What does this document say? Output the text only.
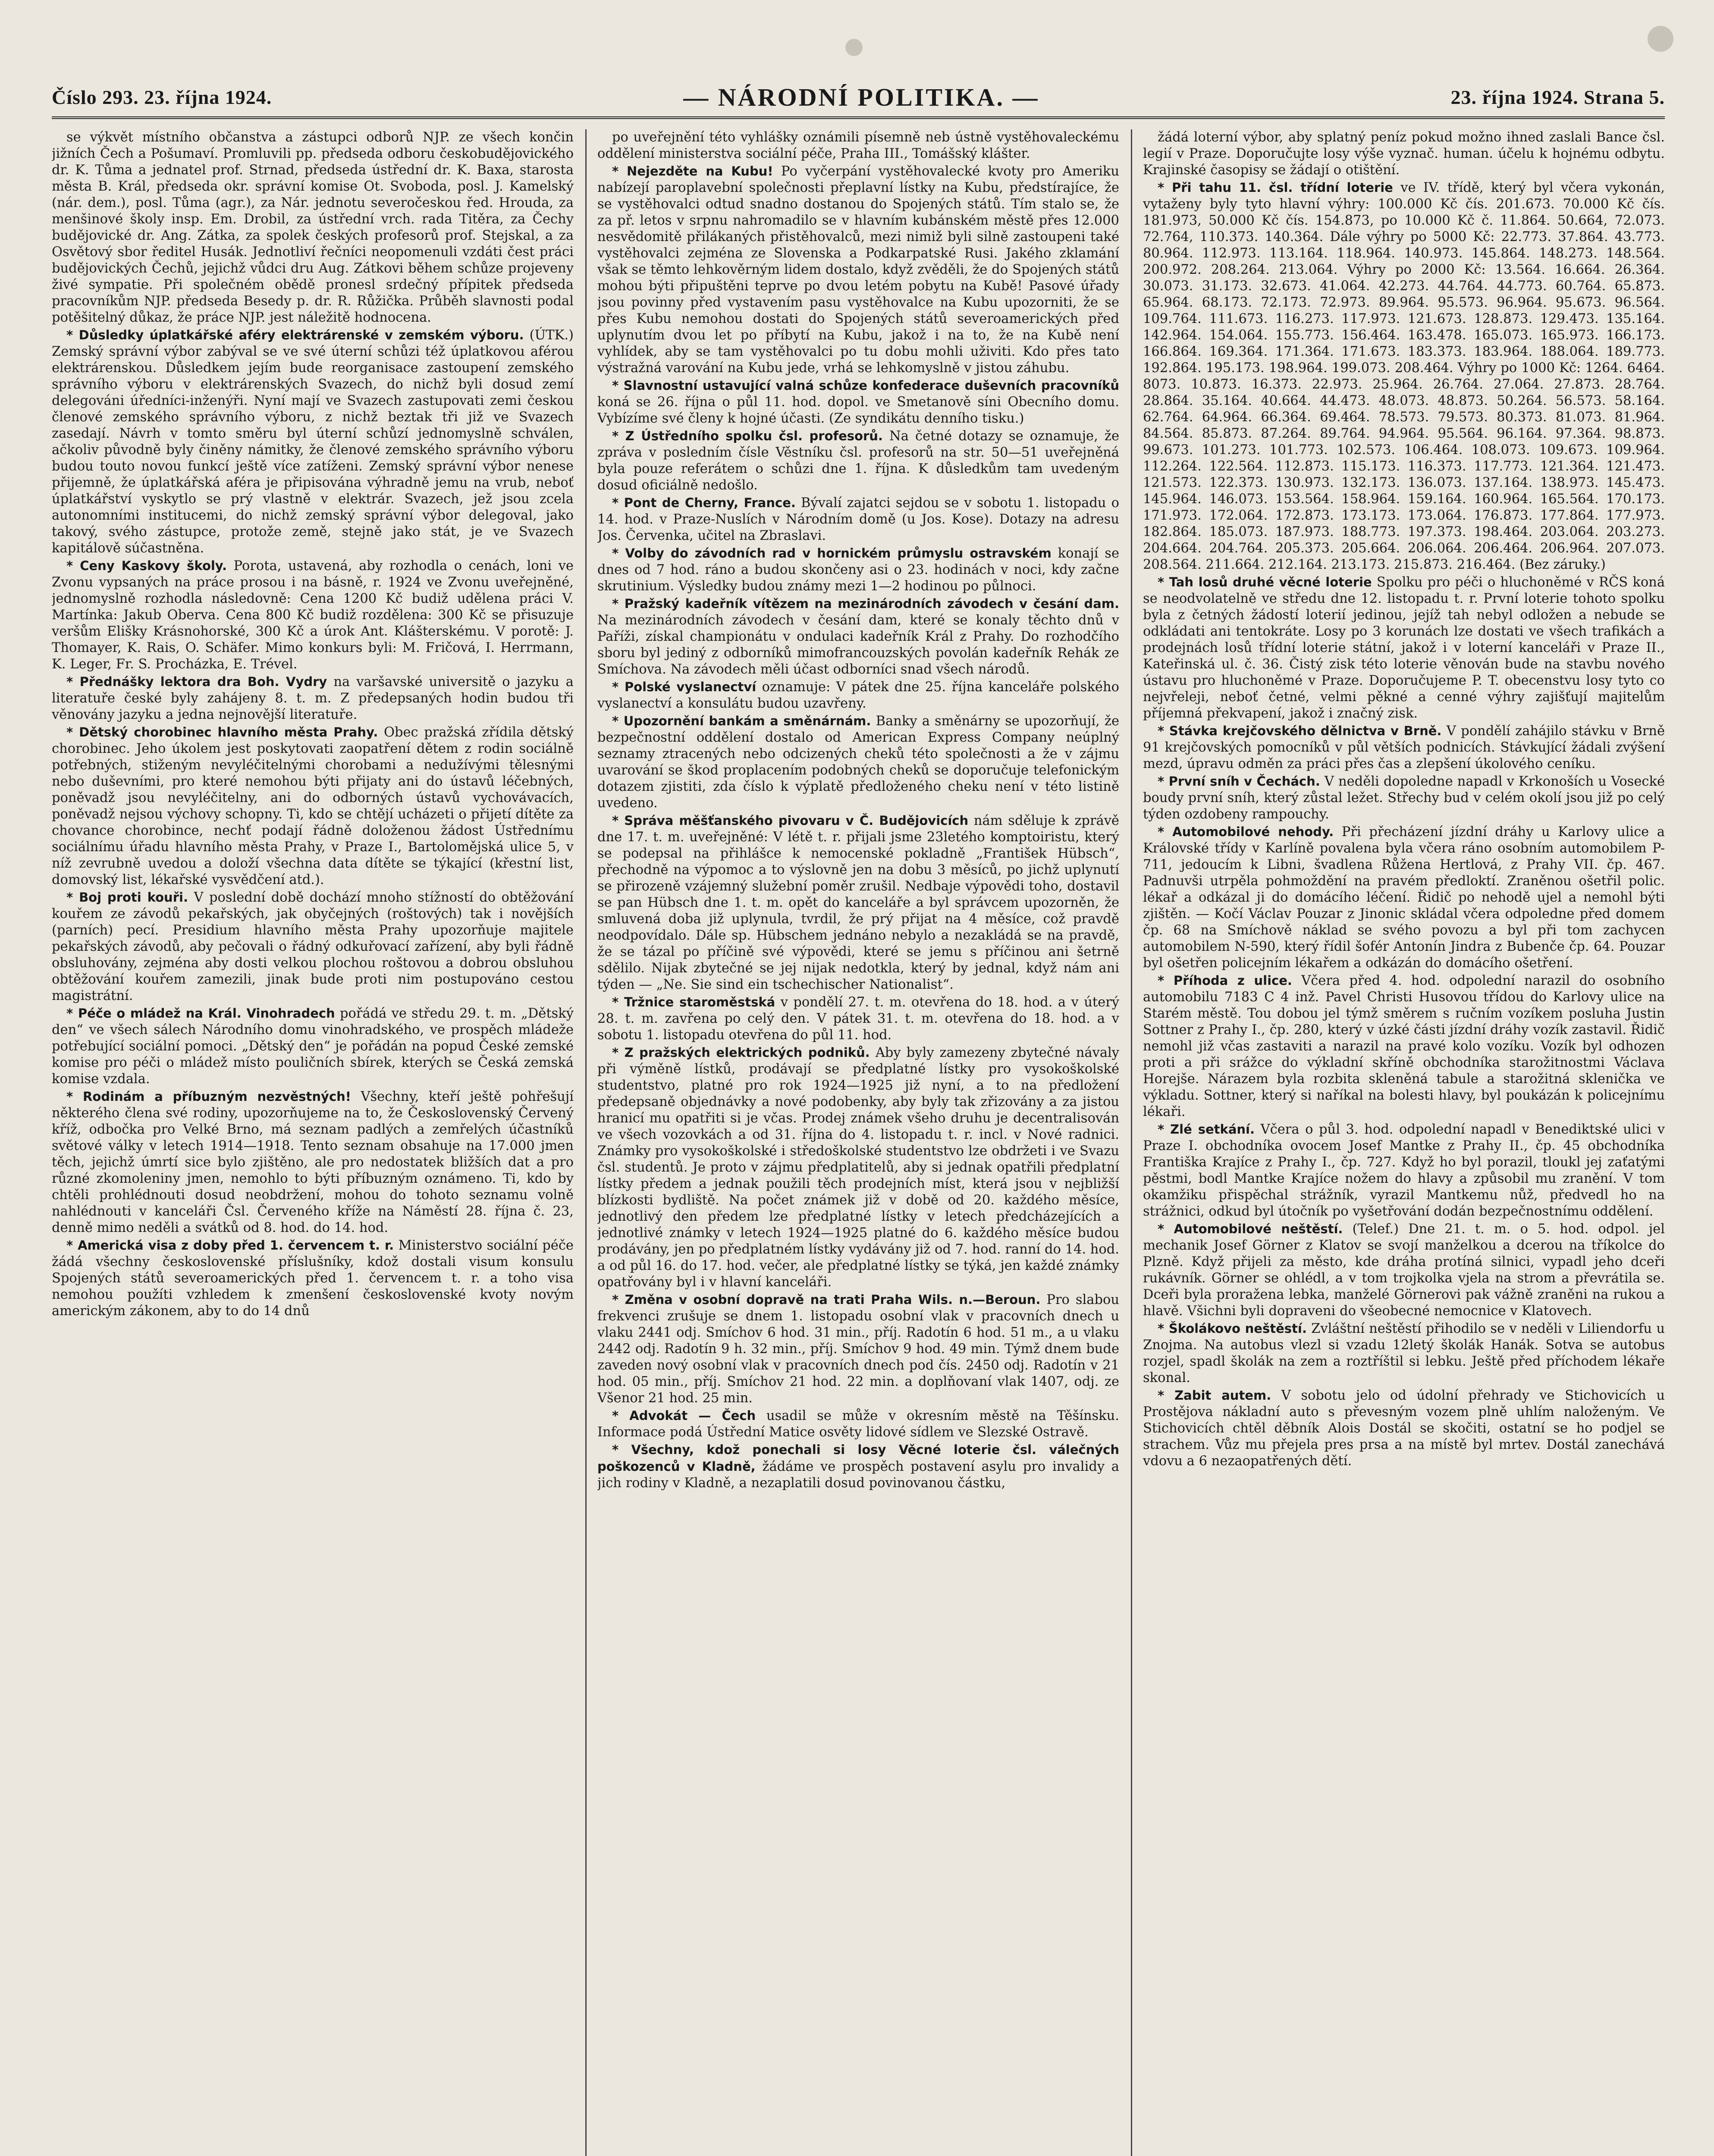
Číslo 293. 23. října 1924.	— NÁRODNÍ POLITIKA. —	23. října 1924. Strana 5.

se výkvět místního občanstva a zástupci odborů NJP. ze všech končin jižních Čech a Pošumaví. Promluvili pp. předseda odboru českobudějovického dr. K. Tůma a jednatel prof. Strnad, předseda ústřední dr. K. Baxa, starosta města B. Král, předseda okr. správní komise Ot. Svoboda, posl. J. Kamelský (nár. dem.), posl. Tůma (agr.), za Nár. jednotu severočeskou řed. Hrouda, za menšinové školy insp. Em. Drobil, za ústřední vrch. rada Titěra, za Čechy budějovické dr. Ang. Zátka, za spolek českých profesorů prof. Stejskal, a za Osvětový sbor ředitel Husák. Jednotliví řečníci neopomenuli vzdáti čest práci budějovických Čechů, jejichž vůdci dru Aug. Zátkovi během schůze projeveny živé sympatie. Při společném obědě pronesl srdečný přípitek předseda pracovníkům NJP. předseda Besedy p. dr. R. Růžička. Průběh slavnosti podal potěšitelný důkaz, že práce NJP. jest náležitě hodnocena.

* Důsledky úplatkářské aféry elektrárenské v zemském výboru. (ÚTK.) Zemský správní výbor zabýval se ve své úterní schůzi též úplatkovou aférou elektrárenskou. Důsledkem jejím bude reorganisace zastoupení zemského správního výboru v elektrárenských Svazech, do nichž byli dosud zemí delegováni úředníci-inženýři. Nyní mají ve Svazech zastupovati zemi českou členové zemského správního výboru, z nichž beztak tři již ve Svazech zasedají. Návrh v tomto směru byl úterní schůzí jednomyslně schválen, ačkoliv původně byly činěny námitky, že členové zemského správního výboru budou touto novou funkcí ještě více zatíženi. Zemský správní výbor nenese přijemně, že úplatkářská aféra je připisována výhradně jemu na vrub, neboť úplatkářství vyskytlo se prý vlastně v elektrár. Svazech, jež jsou zcela autonomními institucemi, do nichž zemský správní výbor delegoval, jako takový, svého zástupce, protože země, stejně jako stát, je ve Svazech kapitálově súčastněna.

* Ceny Kaskovy školy. Porota, ustavená, aby rozhodla o cenách, loni ve Zvonu vypsaných na práce prosou i na básně, r. 1924 ve Zvonu uveřejněné, jednomyslně rozhodla následovně: Cena 1200 Kč budiž udělena práci V. Martínka: Jakub Oberva. Cena 800 Kč budiž rozdělena: 300 Kč se přisuzuje veršům Elišky Krásnohorské, 300 Kč a úrok Ant. Klášterskému. V porotě: J. Thomayer, K. Rais, O. Schäfer. Mimo konkurs byli: M. Fričová, I. Herrmann, K. Leger, Fr. S. Procházka, E. Trével.

* Přednášky lektora dra Boh. Vydry na varšavské universitě o jazyku a literatuře české byly zahájeny 8. t. m. Z předepsaných hodin budou tři věnovány jazyku a jedna nejnovější literatuře.

* Dětský chorobinec hlavního města Prahy. Obec pražská zřídila dětský chorobinec. Jeho úkolem jest poskytovati zaopatření dětem z rodin sociálně potřebných, stiženým nevyléčitelnými chorobami a nedužívými tělesnými nebo duševními, pro které nemohou býti přijaty ani do ústavů léčebných, poněvadž jsou nevyléčitelny, ani do odborných ústavů vychovávacích, poněvadž nejsou výchovy schopny. Ti, kdo se chtějí ucházeti o přijetí dítěte za chovance chorobince, nechť podají řádně doloženou žádost Ústřednímu sociálnímu úřadu hlavního města Prahy, v Praze I., Bartolomějská ulice 5, v níž zevrubně uvedou a doloží všechna data dítěte se týkající (křestní list, domovský list, lékařské vysvědčení atd.).

* Boj proti kouři. V poslední době dochází mnoho stížností do obtěžování kouřem ze závodů pekařských, jak obyčejných (roštových) tak i novějších (parních) pecí. Presidium hlavního města Prahy upozorňuje majitele pekařských závodů, aby pečovali o řádný odkuřovací zařízení, aby byli řádně obsluhovány, zejména aby dosti velkou plochou roštovou a dobrou obsluhou obtěžování kouřem zamezili, jinak bude proti nim postupováno cestou magistrátní.

* Péče o mládež na Král. Vinohradech pořádá ve středu 29. t. m. „Dětský den“ ve všech sálech Národního domu vinohradského, ve prospěch mládeže potřebující sociální pomoci. „Dětský den“ je pořádán na popud České zemské komise pro péči o mládež místo pouličních sbírek, kterých se Česká zemská komise vzdala.

* Rodinám a příbuzným nezvěstných! Všechny, kteří ještě pohřešují některého člena své rodiny, upozorňujeme na to, že Československý Červený kříž, odbočka pro Velké Brno, má seznam padlých a zemřelých účastníků světové války v letech 1914—1918. Tento seznam obsahuje na 17.000 jmen těch, jejichž úmrtí sice bylo zjištěno, ale pro nedostatek bližších dat a pro různé zkomoleniny jmen, nemohlo to býti příbuzným oznámeno. Ti, kdo by chtěli prohlédnouti dosud neobdržení, mohou do tohoto seznamu volně nahlédnouti v kanceláři Čsl. Červeného kříže na Náměstí 28. října č. 23, denně mimo neděli a svátků od 8. hod. do 14. hod.

* Americká visa z doby před 1. červencem t. r. Ministerstvo sociální péče žádá všechny československé příslušníky, kdož dostali visum konsulu Spojených států severoamerických před 1. červencem t. r. a toho visa nemohou použíti vzhledem k zmenšení československé kvoty novým americkým zákonem, aby to do 14 dnů

po uveřejnění této vyhlášky oznámili písemně neb ústně vystěhovaleckému oddělení ministerstva sociální péče, Praha III., Tomášský klášter.

* Nejezděte na Kubu! Po vyčerpání vystěhovalecké kvoty pro Ameriku nabízejí paroplavební společnosti přeplavní lístky na Kubu, předstírajíce, že se vystěhovalci odtud snadno dostanou do Spojených států. Tím stalo se, že za př. letos v srpnu nahromadilo se v hlavním kubánském městě přes 12.000 nesvědomitě přilákaných přistěhovalců, mezi nimiž byli silně zastoupeni také vystěhovalci zejména ze Slovenska a Podkarpatské Rusi. Jakého zklamání však se těmto lehkověrným lidem dostalo, když zvěděli, že do Spojených států mohou býti připuštěni teprve po dvou letém pobytu na Kubě! Pasové úřady jsou povinny před vystavením pasu vystěhovalce na Kubu upozorniti, že se přes Kubu nemohou dostati do Spojených států severoamerických před uplynutím dvou let po příbytí na Kubu, jakož i na to, že na Kubě není vyhlídek, aby se tam vystěhovalci po tu dobu mohli uživiti. Kdo přes tato výstražná varování na Kubu jede, vrhá se lehkomyslně v jistou záhubu.

* Slavnostní ustavující valná schůze konfederace duševních pracovníků koná se 26. října o půl 11. hod. dopol. ve Smetanově síni Obecního domu. Vybízíme své členy k hojné účasti. (Ze syndikátu denního tisku.)

* Z Ústředního spolku čsl. profesorů. Na četné dotazy se oznamuje, že zpráva v posledním čísle Věstníku čsl. profesorů na str. 50—51 uveřejněná byla pouze referátem o schůzi dne 1. října. K důsledkům tam uvedeným dosud oficiálně nedošlo.

* Pont de Cherny, France. Bývalí zajatci sejdou se v sobotu 1. listopadu o 14. hod. v Praze-Nuslích v Národním domě (u Jos. Kose). Dotazy na adresu Jos. Červenka, učitel na Zbraslavi.

* Volby do závodních rad v hornickém průmyslu ostravském konají se dnes od 7 hod. ráno a budou skončeny asi o 23. hodinách v noci, kdy začne skrutinium. Výsledky budou známy mezi 1—2 hodinou po půlnoci.

* Pražský kadeřník vítězem na mezinárodních závodech v česání dam. Na mezinárodních závodech v česání dam, které se konaly těchto dnů v Paříži, získal championátu v ondulaci kadeřník Král z Prahy. Do rozhodčího sboru byl jediný z odborníků mimofrancouzských povolán kadeřník Rehák ze Smíchova. Na závodech měli účast odborníci snad všech národů.

* Polské vyslanectví oznamuje: V pátek dne 25. října kanceláře polského vyslanectví a konsulátu budou uzavřeny.

* Upozornění bankám a směnárnám. Banky a směnárny se upozorňují, že bezpečnostní oddělení dostalo od American Express Company neúplný seznamy ztracených nebo odcizených cheků této společnosti a že v zájmu uvarování se škod proplacením podobných cheků se doporučuje telefonickým dotazem zjistiti, zda číslo k výplatě předloženého cheku není v této listině uvedeno.

* Správa měšťanského pivovaru v Č. Budějovicích nám sděluje k zprávě dne 17. t. m. uveřejněné: V létě t. r. přijali jsme 23letého komptoiristu, který se podepsal na přihlášce k nemocenské pokladně „František Hübsch“, přechodně na výpomoc a to výslovně jen na dobu 3 měsíců, po jichž uplynutí se přirozeně vzájemný služební poměr zrušil. Nedbaje výpovědi toho, dostavil se pan Hübsch dne 1. t. m. opět do kanceláře a byl správcem upozorněn, že smluvená doba již uplynula, tvrdil, že prý přijat na 4 měsíce, což pravdě neodpovídalo. Dále sp. Hübschem jednáno nebylo a nezakládá se na pravdě, že se tázal po příčině své výpovědi, které se jemu s příčinou ani šetrně sdělilo. Nijak zbytečné se jej nijak nedotkla, který by jednal, když nám ani týden — „Ne. Sie sind ein tschechischer Nationalist“.

* Tržnice staroměstská v pondělí 27. t. m. otevřena do 18. hod. a v úterý 28. t. m. zavřena po celý den. V pátek 31. t. m. otevřena do 18. hod. a v sobotu 1. listopadu otevřena do půl 11. hod.

* Z pražských elektrických podniků. Aby byly zamezeny zbytečné návaly při výměně lístků, prodávají se předplatné lístky pro vysokoškolské studentstvo, platné pro rok 1924—1925 již nyní, a to na předložení předepsaně objednávky a nové podobenky, aby byly tak zřizovány a za jistou hranicí mu opatřiti si je včas. Prodej známek všeho druhu je decentralisován ve všech vozovkách a od 31. října do 4. listopadu t. r. incl. v Nové radnici. Známky pro vysokoškolské i středoškolské studentstvo lze obdržeti i ve Svazu čsl. studentů. Je proto v zájmu předplatitelů, aby si jednak opatřili předplatní lístky předem a jednak použili těch prodejních míst, která jsou v nejbližší blízkosti bydliště. Na počet známek již v době od 20. každého měsíce, jednotlivý den předem lze předplatné lístky v letech předcházejících a jednotlivé známky v letech 1924—1925 platné do 6. každého měsíce budou prodávány, jen po předplatném lístky vydávány již od 7. hod. ranní do 14. hod. a od půl 16. do 17. hod. večer, ale předplatné lístky se týká, jen každé známky opatřovány byl i v hlavní kanceláři.

* Změna v osobní dopravě na trati Praha Wils. n.—Beroun. Pro slabou frekvenci zrušuje se dnem 1. listopadu osobní vlak v pracovních dnech u vlaku 2441 odj. Smíchov 6 hod. 31 min., příj. Radotín 6 hod. 51 m., a u vlaku 2442 odj. Radotín 9 h. 32 min., příj. Smíchov 9 hod. 49 min. Týmž dnem bude zaveden nový osobní vlak v pracovních dnech pod čís. 2450 odj. Radotín v 21 hod. 05 min., příj. Smíchov 21 hod. 22 min. a doplňovaní vlak 1407, odj. ze Všenor 21 hod. 25 min.

* Advokát — Čech usadil se může v okresním městě na Těšínsku. Informace podá Ústřední Matice osvěty lidové sídlem ve Slezské Ostravě.

* Všechny, kdož ponechali si losy Věcné loterie čsl. válečných poškozenců v Kladně, žádáme ve prospěch postavení asylu pro invalidy a jich rodiny v Kladně, a nezaplatili dosud povinovanou částku,

žádá loterní výbor, aby splatný peníz pokud možno ihned zaslali Bance čsl. legií v Praze. Doporučujte losy výše vyznač. human. účelu k hojnému odbytu. Krajinské časopisy se žádají o otištění.

* Při tahu 11. čsl. třídní loterie ve IV. třídě, který byl včera vykonán, vytaženy byly tyto hlavní výhry: 100.000 Kč čís. 201.673. 70.000 Kč čís. 181.973, 50.000 Kč čís. 154.873, po 10.000 Kč č. 11.864. 50.664, 72.073. 72.764, 110.373. 140.364. Dále výhry po 5000 Kč: 22.773. 37.864. 43.773. 80.964. 112.973. 113.164. 118.964. 140.973. 145.864. 148.273. 148.564. 200.972. 208.264. 213.064. Výhry po 2000 Kč: 13.564. 16.664. 26.364. 30.073. 31.173. 32.673. 41.064. 42.273. 44.764. 44.773. 60.764. 65.873. 65.964. 68.173. 72.173. 72.973. 89.964. 95.573. 96.964. 95.673. 96.564. 109.764. 111.673. 116.273. 117.973. 121.673. 128.873. 129.473. 135.164. 142.964. 154.064. 155.773. 156.464. 163.478. 165.073. 165.973. 166.173. 166.864. 169.364. 171.364. 171.673. 183.373. 183.964. 188.064. 189.773. 192.864. 195.173. 198.964. 199.073. 208.464. Výhry po 1000 Kč: 1264. 6464. 8073. 10.873. 16.373. 22.973. 25.964. 26.764. 27.064. 27.873. 28.764. 28.864. 35.164. 40.664. 44.473. 48.073. 48.873. 50.264. 56.573. 58.164. 62.764. 64.964. 66.364. 69.464. 78.573. 79.573. 80.373. 81.073. 81.964. 84.564. 85.873. 87.264. 89.764. 94.964. 95.564. 96.164. 97.364. 98.873. 99.673. 101.273. 101.773. 102.573. 106.464. 108.073. 109.673. 109.964. 112.264. 122.564. 112.873. 115.173. 116.373. 117.773. 121.364. 121.473. 121.573. 122.373. 130.973. 132.173. 136.073. 137.164. 138.973. 145.473. 145.964. 146.073. 153.564. 158.964. 159.164. 160.964. 165.564. 170.173. 171.973. 172.064. 172.873. 173.173. 173.064. 176.873. 177.864. 177.973. 182.864. 185.073. 187.973. 188.773. 197.373. 198.464. 203.064. 203.273. 204.664. 204.764. 205.373. 205.664. 206.064. 206.464. 206.964. 207.073. 208.564. 211.664. 212.164. 213.173. 215.873. 216.464. (Bez záruky.)

* Tah losů druhé věcné loterie Spolku pro péči o hluchoněmé v RČS koná se neodvolatelně ve středu dne 12. listopadu t. r. První loterie tohoto spolku byla z četných žádostí loterií jedinou, jejíž tah nebyl odložen a nebude se odkládati ani tentokráte. Losy po 3 korunách lze dostati ve všech trafikách a prodejnách losů třídní loterie státní, jakož i v loterní kanceláři v Praze II., Kateřinská ul. č. 36. Čistý zisk této loterie věnován bude na stavbu nového ústavu pro hluchoněmé v Praze. Doporučujeme P. T. obecenstvu losy tyto co nejvřeleji, neboť četné, velmi pěkné a cenné výhry zajišťují majitelům příjemná překvapení, jakož i značný zisk.

* Stávka krejčovského dělnictva v Brně. V pondělí zahájilo stávku v Brně 91 krejčovských pomocníků v půl větších podnicích. Stávkující žádali zvýšení mezd, úpravu odměn za práci přes čas a zlepšení úkolového ceníku.

* První sníh v Čechách. V neděli dopoledne napadl v Krkonoších u Vosecké boudy první sníh, který zůstal ležet. Střechy bud v celém okolí jsou již po celý týden ozdobeny rampouchy.

* Automobilové nehody. Při přecházení jízdní dráhy u Karlovy ulice a Královské třídy v Karlíně povalena byla včera ráno osobním automobilem P-711, jedoucím k Libni, švadlena Růžena Hertlová, z Prahy VII. čp. 467. Padnuvši utrpěla pohmoždění na pravém předloktí. Zraněnou ošetřil polic. lékař a odkázal ji do domácího léčení. Řidič po nehodě ujel a nemohl býti zjištěn. — Kočí Václav Pouzar z Jinonic skládal včera odpoledne před domem čp. 68 na Smíchově náklad se svého povozu a byl při tom zachycen automobilem N-590, který řídil šofér Antonín Jindra z Bubenče čp. 64. Pouzar byl ošetřen policejním lékařem a odkázán do domácího ošetření.

* Příhoda z ulice. Včera před 4. hod. odpolední narazil do osobního automobilu 7183 C 4 inž. Pavel Christi Husovou třídou do Karlovy ulice na Starém městě. Tou dobou jel týmž směrem s ručním vozíkem posluha Justin Sottner z Prahy I., čp. 280, který v úzké části jízdní dráhy vozík zastavil. Řidič nemohl již včas zastaviti a narazil na pravé kolo vozíku. Vozík byl odhozen proti a při srážce do výkladní skříně obchodníka starožitnostmi Václava Horejše. Nárazem byla rozbita skleněná tabule a starožitná sklenička ve výkladu. Sottner, který si naříkal na bolesti hlavy, byl poukázán k policejnímu lékaři.

* Zlé setkání. Včera o půl 3. hod. odpolední napadl v Benediktské ulici v Praze I. obchodníka ovocem Josef Mantke z Prahy II., čp. 45 obchodníka Františka Krajíce z Prahy I., čp. 727. Když ho byl porazil, tloukl jej zaťatými pěstmi, bodl Mantke Krajíce nožem do hlavy a způsobil mu zranění. V tom okamžiku přispěchal strážník, vyrazil Mantkemu nůž, předvedl ho na strážnici, odkud byl útočník po vyšetřování dodán bezpečnostnímu oddělení.

* Automobilové neštěstí. (Telef.) Dne 21. t. m. o 5. hod. odpol. jel mechanik Josef Görner z Klatov se svojí manželkou a dcerou na tříkolce do Plzně. Když přijeli za město, kde dráha protíná silnici, vypadl jeho dceři rukávník. Görner se ohlédl, a v tom trojkolka vjela na strom a převrátila se. Dceři byla proražena lebka, manželé Görnerovi pak vážně zraněni na rukou a hlavě. Všichni byli dopraveni do všeobecné nemocnice v Klatovech.

* Školákovo neštěstí. Zvláštní neštěstí přihodilo se v neděli v Liliendorfu u Znojma. Na autobus vlezl si vzadu 12letý školák Hanák. Sotva se autobus rozjel, spadl školák na zem a roztříštil si lebku. Ještě před příchodem lékaře skonal.

* Zabit autem. V sobotu jelo od údolní přehrady ve Stichovicích u Prostějova nákladní auto s převesným vozem plně uhlím naloženým. Ve Stichovicích chtěl děbník Alois Dostál se skočiti, ostatní se ho podjel se strachem. Vůz mu přejela pres prsa a na místě byl mrtev. Dostál zanechává vdovu a 6 nezaopatřených dětí.
